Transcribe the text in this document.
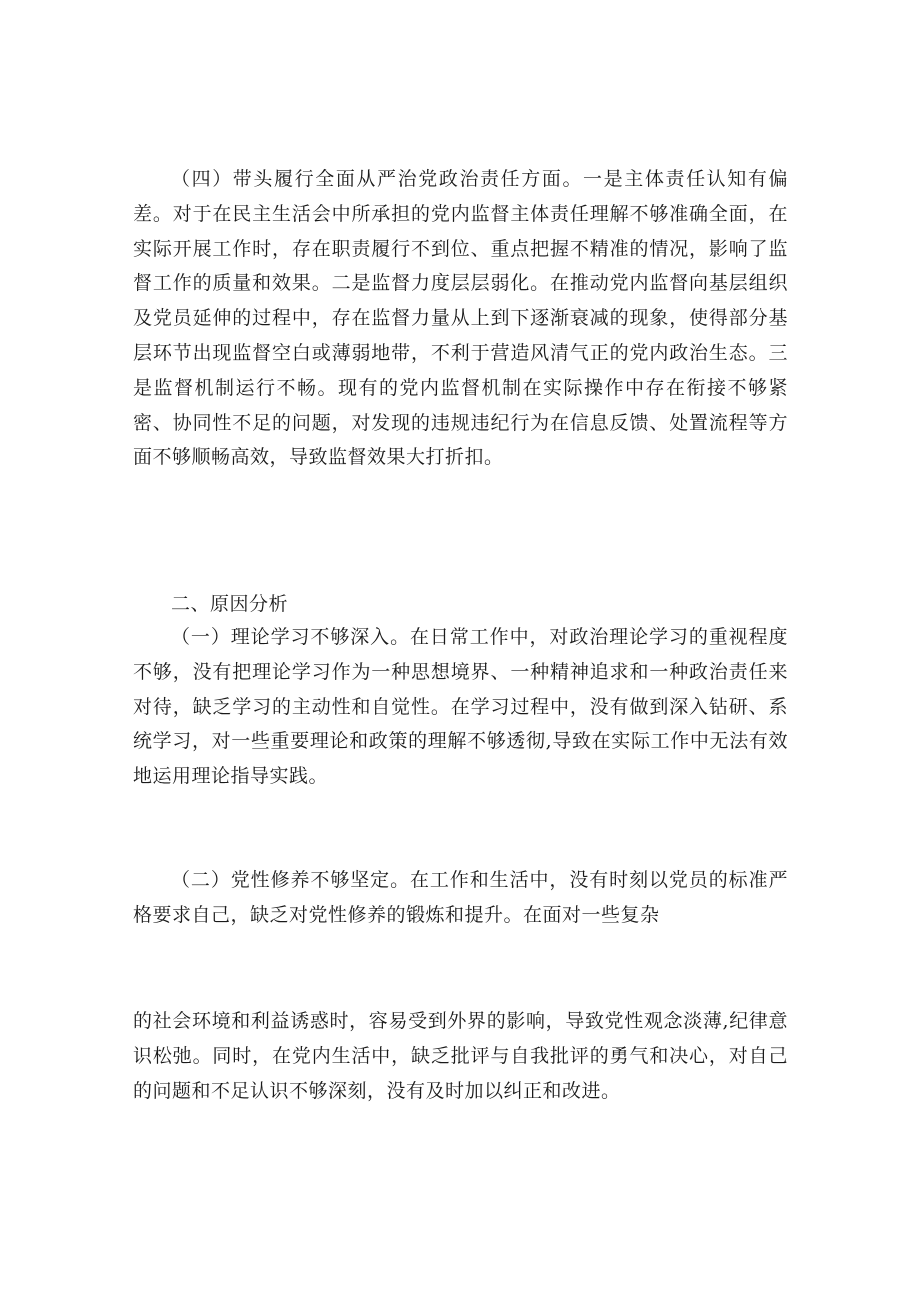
（四）带头履行全面从严治党政治责任方面。一是主体责任认知有偏差。对于在民主生活会中所承担的党内监督主体责任理解不够准确全面，在实际开展工作时，存在职责履行不到位、重点把握不精准的情况，影响了监督工作的质量和效果。二是监督力度层层弱化。在推动党内监督向基层组织及党员延伸的过程中，存在监督力量从上到下逐渐衰减的现象，使得部分基层环节出现监督空白或薄弱地带，不利于营造风清气正的党内政治生态。三是监督机制运行不畅。现有的党内监督机制在实际操作中存在衔接不够紧密、协同性不足的问题，对发现的违规违纪行为在信息反馈、处置流程等方面不够顺畅高效，导致监督效果大打折扣。

二、原因分析

（一）理论学习不够深入。在日常工作中，对政治理论学习的重视程度不够，没有把理论学习作为一种思想境界、一种精神追求和一种政治责任来对待，缺乏学习的主动性和自觉性。在学习过程中，没有做到深入钻研、系统学习，对一些重要理论和政策的理解不够透彻,导致在实际工作中无法有效地运用理论指导实践。

（二）党性修养不够坚定。在工作和生活中，没有时刻以党员的标准严格要求自己，缺乏对党性修养的锻炼和提升。在面对一些复杂

的社会环境和利益诱惑时，容易受到外界的影响，导致党性观念淡薄,纪律意识松弛。同时，在党内生活中，缺乏批评与自我批评的勇气和决心，对自己的问题和不足认识不够深刻，没有及时加以纠正和改进。
